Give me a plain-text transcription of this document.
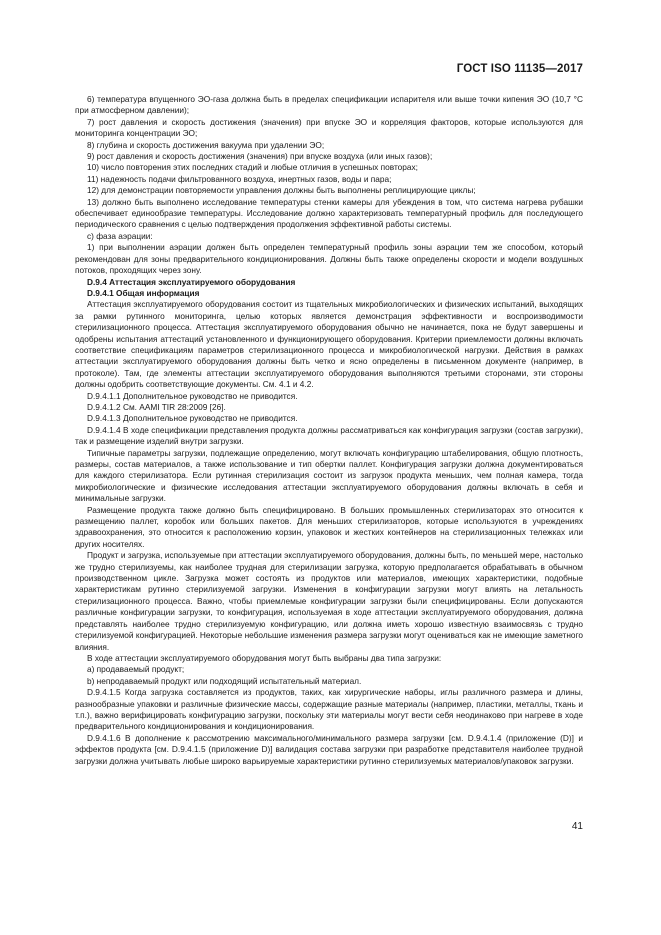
ГОСТ ISO 11135—2017

6) температура впущенного ЭО-газа должна быть в пределах спецификации испарителя или выше точки кипения ЭО (10,7 °C при атмосферном давлении);

7) рост давления и скорость достижения (значения) при впуске ЭО и корреляция факторов, которые используются для мониторинга концентрации ЭО;

8) глубина и скорость достижения вакуума при удалении ЭО;

9) рост давления и скорость достижения (значения) при впуске воздуха (или иных газов);

10) число повторения этих последних стадий и любые отличия в успешных повторах;

11) надежность подачи фильтрованного воздуха, инертных газов, воды и пара;

12) для демонстрации повторяемости управления должны быть выполнены реплицирующие циклы;

13) должно быть выполнено исследование температуры стенки камеры для убеждения в том, что система нагрева рубашки обеспечивает единообразие температуры. Исследование должно характеризовать температурный профиль для последующего периодического сравнения с целью подтверждения продолжения эффективной работы системы.

c) фаза аэрации:

1) при выполнении аэрации должен быть определен температурный профиль зоны аэрации тем же способом, который рекомендован для зоны предварительного кондиционирования. Должны быть также определены скорости и модели воздушных потоков, проходящих через зону.

D.9.4 Аттестация эксплуатируемого оборудования

D.9.4.1 Общая информация

Аттестация эксплуатируемого оборудования состоит из тщательных микробиологических и физических испытаний, выходящих за рамки рутинного мониторинга, целью которых является демонстрация эффективности и воспроизводимости стерилизационного процесса. Аттестация эксплуатируемого оборудования обычно не начинается, пока не будут завершены и одобрены испытания аттестаций установленного и функционирующего оборудования. Критерии приемлемости должны включать соответствие спецификациям параметров стерилизационного процесса и микробиологической нагрузки. Действия в рамках аттестации эксплуатируемого оборудования должны быть четко и ясно определены в письменном документе (например, в протоколе). Там, где элементы аттестации эксплуатируемого оборудования выполняются третьими сторонами, эти стороны должны одобрить соответствующие документы. См. 4.1 и 4.2.

D.9.4.1.1 Дополнительное руководство не приводится.

D.9.4.1.2 См. AAMI TIR 28:2009 [26].

D.9.4.1.3 Дополнительное руководство не приводится.

D.9.4.1.4 В ходе спецификации представления продукта должны рассматриваться как конфигурация загрузки (состав загрузки), так и размещение изделий внутри загрузки.

Типичные параметры загрузки, подлежащие определению, могут включать конфигурацию штабелирования, общую плотность, размеры, состав материалов, а также использование и тип обертки паллет. Конфигурация загрузки должна документироваться для каждого стерилизатора. Если рутинная стерилизация состоит из загрузок продукта меньших, чем полная камера, тогда микробиологические и физические исследования аттестации эксплуатируемого оборудования должны включать в себя и минимальные загрузки.

Размещение продукта также должно быть специфицировано. В больших промышленных стерилизаторах это относится к размещению паллет, коробок или больших пакетов. Для меньших стерилизаторов, которые используются в учреждениях здравоохранения, это относится к расположению корзин, упаковок и жестких контейнеров на стерилизационных тележках или других носителях.

Продукт и загрузка, используемые при аттестации эксплуатируемого оборудования, должны быть, по меньшей мере, настолько же трудно стерилизуемы, как наиболее трудная для стерилизации загрузка, которую предполагается обрабатывать в обычном производственном цикле. Загрузка может состоять из продуктов или материалов, имеющих характеристики, подобные характеристикам рутинно стерилизуемой загрузки. Изменения в конфигурации загрузки могут влиять на летальность стерилизационного процесса. Важно, чтобы приемлемые конфигурации загрузки были специфицированы. Если допускаются различные конфигурации загрузки, то конфигурация, используемая в ходе аттестации эксплуатируемого оборудования, должна представлять наиболее трудно стерилизуемую конфигурацию, или должна иметь хорошо известную взаимосвязь с трудно стерилизуемой конфигурацией. Некоторые небольшие изменения размера загрузки могут оцениваться как не имеющие заметного влияния.

В ходе аттестации эксплуатируемого оборудования могут быть выбраны два типа загрузки:

a) продаваемый продукт;

b) непродаваемый продукт или подходящий испытательный материал.

D.9.4.1.5 Когда загрузка составляется из продуктов, таких, как хирургические наборы, иглы различного размера и длины, разнообразные упаковки и различные физические массы, содержащие разные материалы (например, пластики, металлы, ткань и т.п.), важно верифицировать конфигурацию загрузки, поскольку эти материалы могут вести себя неодинаково при нагреве в ходе предварительного кондиционирования и кондиционирования.

D.9.4.1.6 В дополнение к рассмотрению максимального/минимального размера загрузки [см. D.9.4.1.4 (приложение (D)] и эффектов продукта [см. D.9.4.1.5 (приложение D)] валидация состава загрузки при разработке представителя наиболее трудной загрузки должна учитывать любые широко варьируемые характеристики рутинно стерилизуемых материалов/упаковок загрузки.

41
